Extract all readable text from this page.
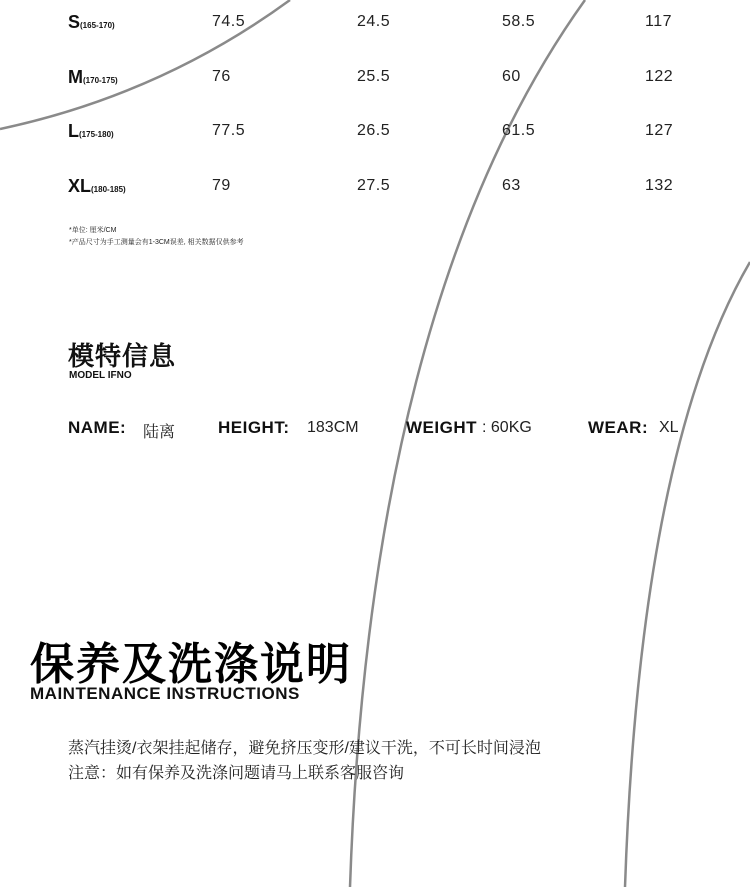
S(165-170)	74.5	24.5	58.5	117
M(170-175)	76	25.5	60	122
L(175-180)	77.5	26.5	61.5	127
XL(180-185)	79	27.5	63	132
*单位: 厘米/CM
*产品尺寸为手工测量会有1-3CM误差, 相关数据仅供参考
模特信息
MODEL IFNO
NAME: 陆离	HEIGHT: 183CM	WEIGHT : 60KG	WEAR: XL
保养及洗涤说明
MAINTENANCE INSTRUCTIONS
蒸汽挂烫/衣架挂起储存，避免挤压变形/建议干洗，不可长时间浸泡
注意：如有保养及洗涤问题请马上联系客服咨询
